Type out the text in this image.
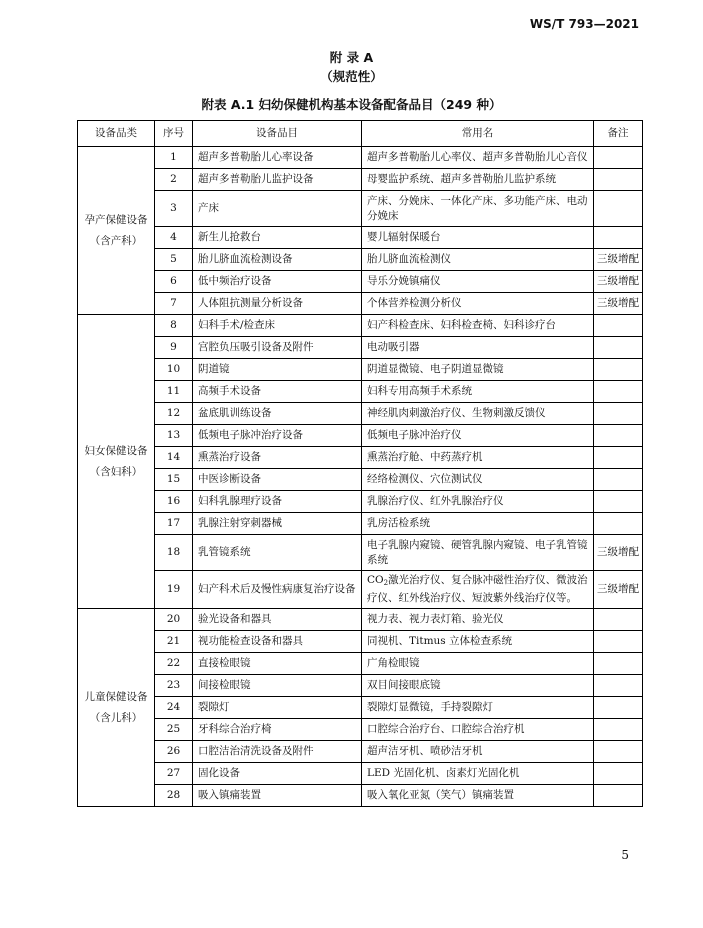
WS/T 793—2021
附 录 A
（规范性）
附表 A.1 妇幼保健机构基本设备配备品目（249 种）
设备品类	序号	设备品目	常用名	备注
孕产保健设备（含产科）	1	超声多普勒胎儿心率设备	超声多普勒胎儿心率仪、超声多普勒胎儿心音仪	
	2	超声多普勒胎儿监护设备	母婴监护系统、超声多普勒胎儿监护系统	
	3	产床	产床、分娩床、一体化产床、多功能产床、电动分娩床	
	4	新生儿抢救台	婴儿辐射保暖台	
	5	胎儿脐血流检测设备	胎儿脐血流检测仪	三级增配
	6	低中频治疗设备	导乐分娩镇痛仪	三级增配
	7	人体阻抗测量分析设备	个体营养检测分析仪	三级增配
妇女保健设备（含妇科）	8	妇科手术/检查床	妇产科检查床、妇科检查椅、妇科诊疗台	
	9	宫腔负压吸引设备及附件	电动吸引器	
	10	阴道镜	阴道显微镜、电子阴道显微镜	
	11	高频手术设备	妇科专用高频手术系统	
	12	盆底肌训练设备	神经肌肉刺激治疗仪、生物刺激反馈仪	
	13	低频电子脉冲治疗设备	低频电子脉冲治疗仪	
	14	熏蒸治疗设备	熏蒸治疗舱、中药蒸疗机	
	15	中医诊断设备	经络检测仪、穴位测试仪	
	16	妇科乳腺理疗设备	乳腺治疗仪、红外乳腺治疗仪	
	17	乳腺注射穿刺器械	乳房活检系统	
	18	乳管镜系统	电子乳腺内窥镜、硬管乳腺内窥镜、电子乳管镜系统	三级增配
	19	妇产科术后及慢性病康复治疗设备	$CO_2$激光治疗仪、复合脉冲磁性治疗仪、微波治疗仪、红外线治疗仪、短波紫外线治疗仪等。	三级增配
儿童保健设备（含儿科）	20	验光设备和器具	视力表、视力表灯箱、验光仪	
	21	视功能检查设备和器具	同视机、Titmus 立体检查系统	
	22	直接检眼镜	广角检眼镜	
	23	间接检眼镜	双目间接眼底镜	
	24	裂隙灯	裂隙灯显微镜，手持裂隙灯	
	25	牙科综合治疗椅	口腔综合治疗台、口腔综合治疗机	
	26	口腔洁治清洗设备及附件	超声洁牙机、喷砂洁牙机	
	27	固化设备	LED 光固化机、卤素灯光固化机	
	28	吸入镇痛装置	吸入氧化亚氮（笑气）镇痛装置	
5
